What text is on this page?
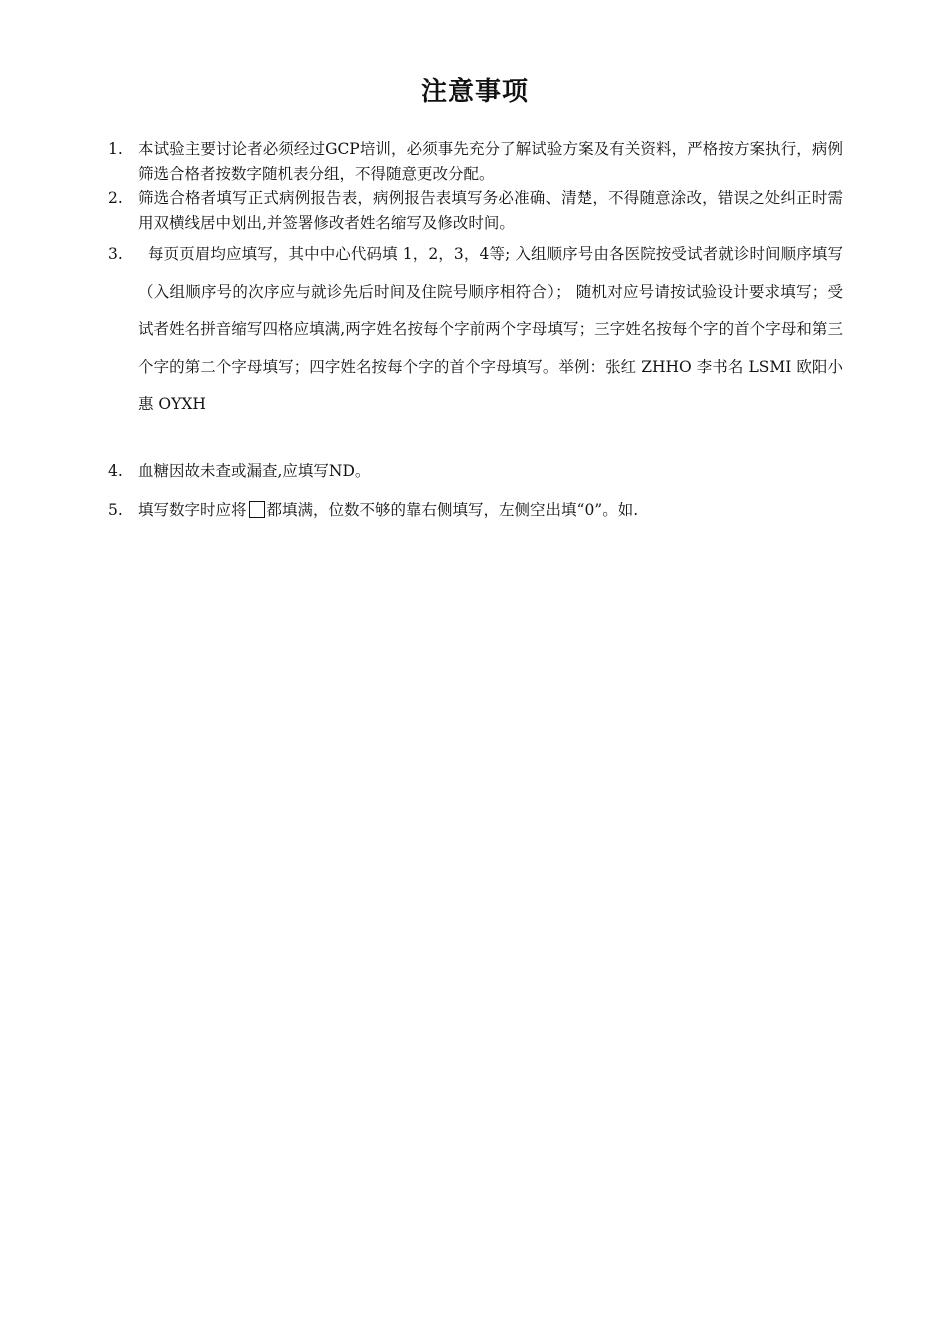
注意事项
1. 本试验主要讨论者必须经过GCP培训，必须事先充分了解试验方案及有关资料，严格按方案执行，病例筛选合格者按数字随机表分组，不得随意更改分配。
2. 筛选合格者填写正式病例报告表，病例报告表填写务必准确、清楚，不得随意涂改，错误之处纠正时需用双横线居中划出,并签署修改者姓名缩写及修改时间。
3.	每页页眉均应填写，其中中心代码填 1，2，3，4等; 入组顺序号由各医院按受试者就诊时间顺序填写（入组顺序号的次序应与就诊先后时间及住院号顺序相符合）； 随机对应号请按试验设计要求填写；受试者姓名拼音缩写四格应填满,两字姓名按每个字前两个字母填写；三字姓名按每个字的首个字母和第三个字的第二个字母填写；四字姓名按每个字的首个字母填写。举例：张红 ZHHO 李书名 LSMI 欧阳小惠 OYXH
4. 血糖因故未查或漏查,应填写ND。
5. 填写数字时应将 都填满，位数不够的靠右侧填写，左侧空出填“0”。如.
